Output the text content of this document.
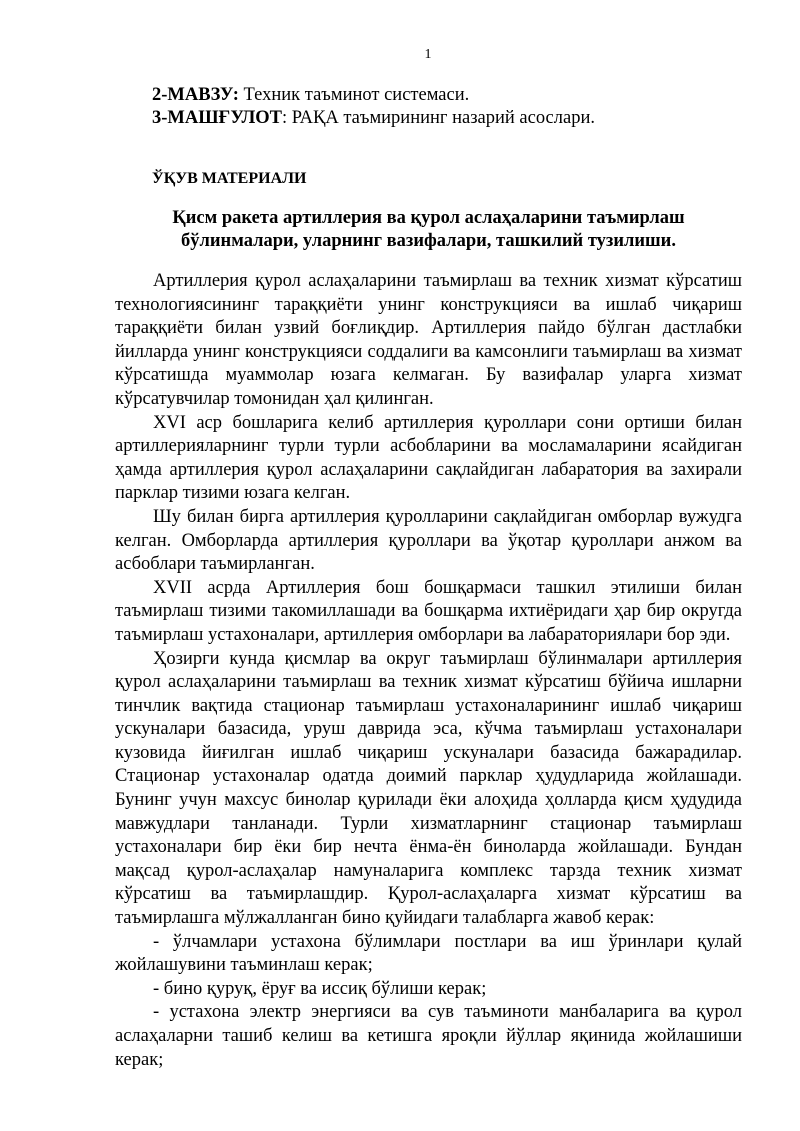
1
2-МАВЗУ: Техник таъминот системаси.
3-МАШҒУЛОТ: РАҚА таъмирининг назарий асослари.
ЎҚУВ МАТЕРИАЛИ
Қисм ракета артиллерия ва қурол аслаҳаларини таъмирлаш бўлинмалари, уларнинг вазифалари, ташкилий тузилиши.

Артиллерия қурол аслаҳаларини таъмирлаш ва техник хизмат кўрсатиш технологиясининг тараққиёти унинг конструкцияси ва ишлаб чиқариш тараққиёти билан узвий боғлиқдир. Артиллерия пайдо бўлган дастлабки йилларда унинг конструкцияси соддалиги ва камсонлиги таъмирлаш ва хизмат кўрсатишда муаммолар юзага келмаган. Бу вазифалар уларга хизмат кўрсатувчилар томонидан ҳал қилинган.

XVI аср бошларига келиб артиллерия қуроллари сони ортиши билан артиллерияларнинг турли турли асбобларини ва мосламаларини ясайдиган ҳамда артиллерия қурол аслаҳаларини сақлайдиган лабаратория ва захирали парклар тизими юзага келган.

Шу билан бирга артиллерия қуролларини сақлайдиган омборлар вужудга келган. Омборларда артиллерия қуроллари ва ўқотар қуроллари анжом ва асбоблари таъмирланган.

XVII асрда Артиллерия бош бошқармаси ташкил этилиши билан таъмирлаш тизими такомиллашади ва бошқарма ихтиёридаги ҳар бир округда таъмирлаш устахоналари, артиллерия омборлари ва лабараториялари бор эди.

Ҳозирги кунда қисмлар ва округ таъмирлаш бўлинмалари артиллерия қурол аслаҳаларини таъмирлаш ва техник хизмат кўрсатиш бўйича ишларни тинчлик вақтида стационар таъмирлаш устахоналарининг ишлаб чиқариш ускуналари базасида, уруш даврида эса, кўчма таъмирлаш устахоналари кузовида йиғилган ишлаб чиқариш ускуналари базасида бажарадилар. Стационар устахоналар одатда доимий парклар ҳудудларида жойлашади. Бунинг учун махсус бинолар қурилади ёки алоҳида ҳолларда қисм ҳудудида мавжудлари танланади. Турли хизматларнинг стационар таъмирлаш устахоналари бир ёки бир нечта ёнма-ён биноларда жойлашади. Бундан мақсад қурол-аслаҳалар намуналарига комплекс тарзда техник хизмат кўрсатиш ва таъмирлашдир. Қурол-аслаҳаларга хизмат кўрсатиш ва таъмирлашга мўлжалланган бино қуйидаги талабларга жавоб керак:

- ўлчамлари устахона бўлимлари постлари ва иш ўринлари қулай жойлашувини таъминлаш керак;

- бино қуруқ, ёруғ ва иссиқ бўлиши керак;

- устахона электр энергияси ва сув таъминоти манбаларига ва қурол аслаҳаларни ташиб келиш ва кетишга яроқли йўллар яқинида жойлашиши керак;
